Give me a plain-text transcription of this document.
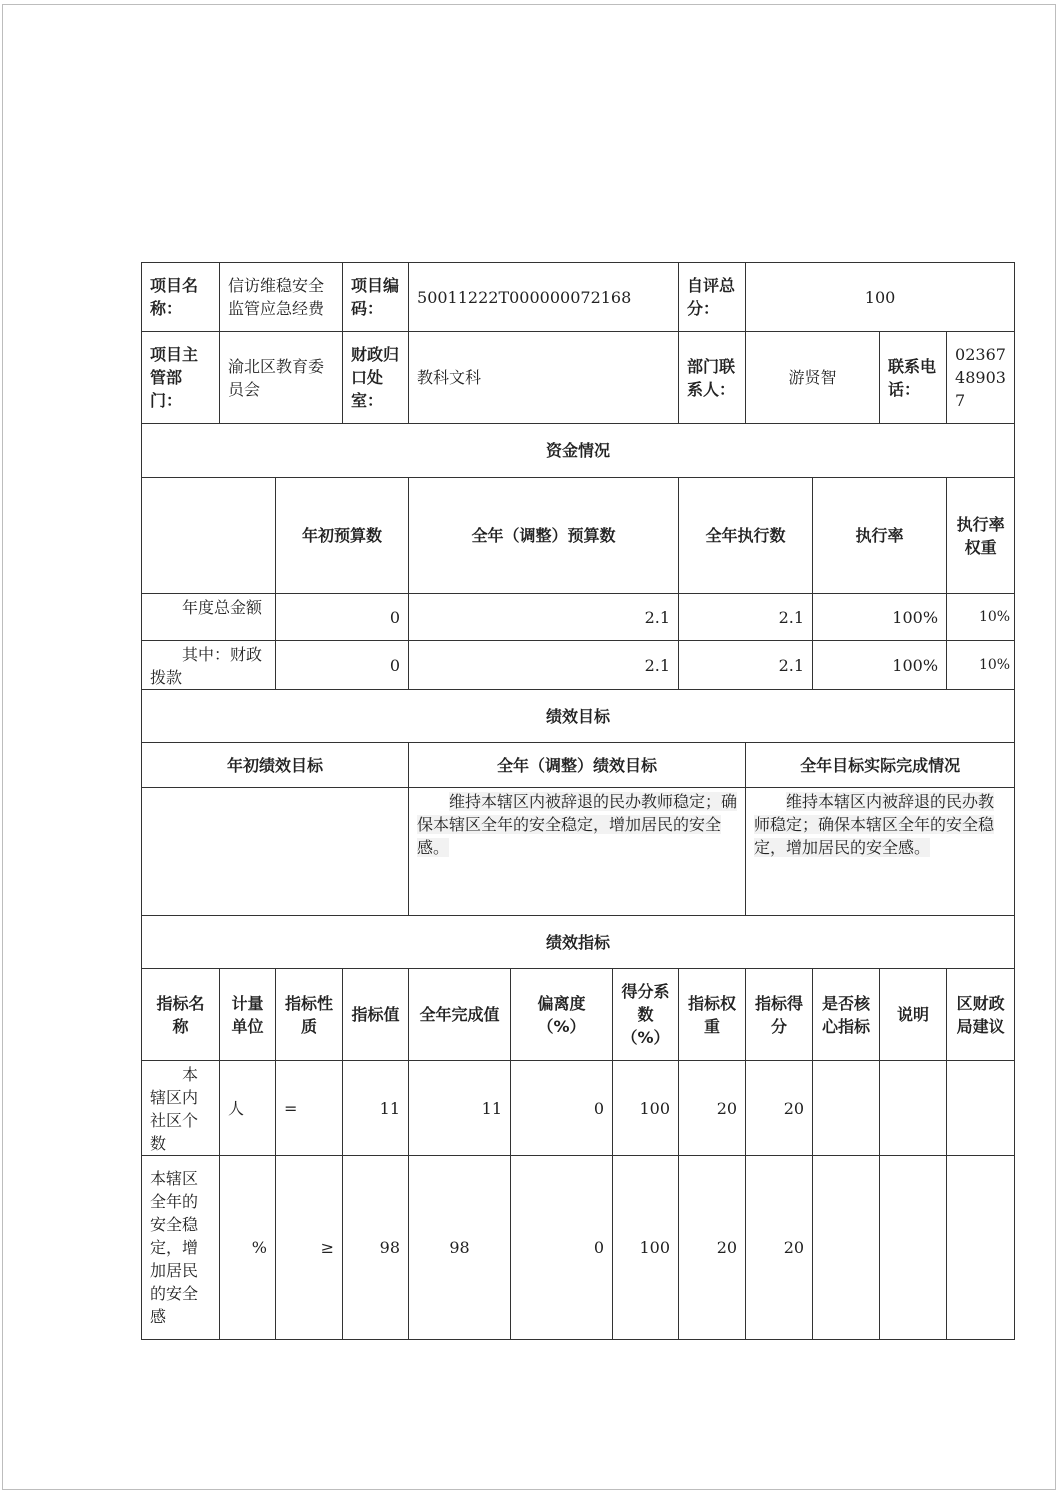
项目名称：	信访维稳安全监管应急经费		项目编码：	50011222T000000072168			自评总分：	100				
项目主管部门：	渝北区教育委员会		财政归口处室：	教科文科			部门联系人：	游贤智		联系电话：	02367489037	
资金情况												
		年初预算数		全年（调整）预算数			全年执行数		执行率		执行率权重	
年度总金额		0		2.1			2.1		100%		10%	
其中：财政拨款		0		2.1			2.1		100%		10%	
绩效目标												
年初绩效目标				全年（调整）绩效目标				全年目标实际完成情况				
				维持本辖区内被辞退的民办教师稳定；确保本辖区全年的安全稳定，增加居民的安全感。				维持本辖区内被辞退的民办教师稳定；确保本辖区全年的安全稳定，增加居民的安全感。				
绩效指标												
指标名称	计量单位	指标性质	指标值	全年完成值	偏离度（%）	得分系数（%）	指标权重	指标得分	是否核心指标	说明	区财政局建议	
本辖区内社区个数	人	=	11	11	0	100	20	20				
本辖区全年的安全稳定，增加居民的安全感	%	≥	98	98	0	100	20	20				
